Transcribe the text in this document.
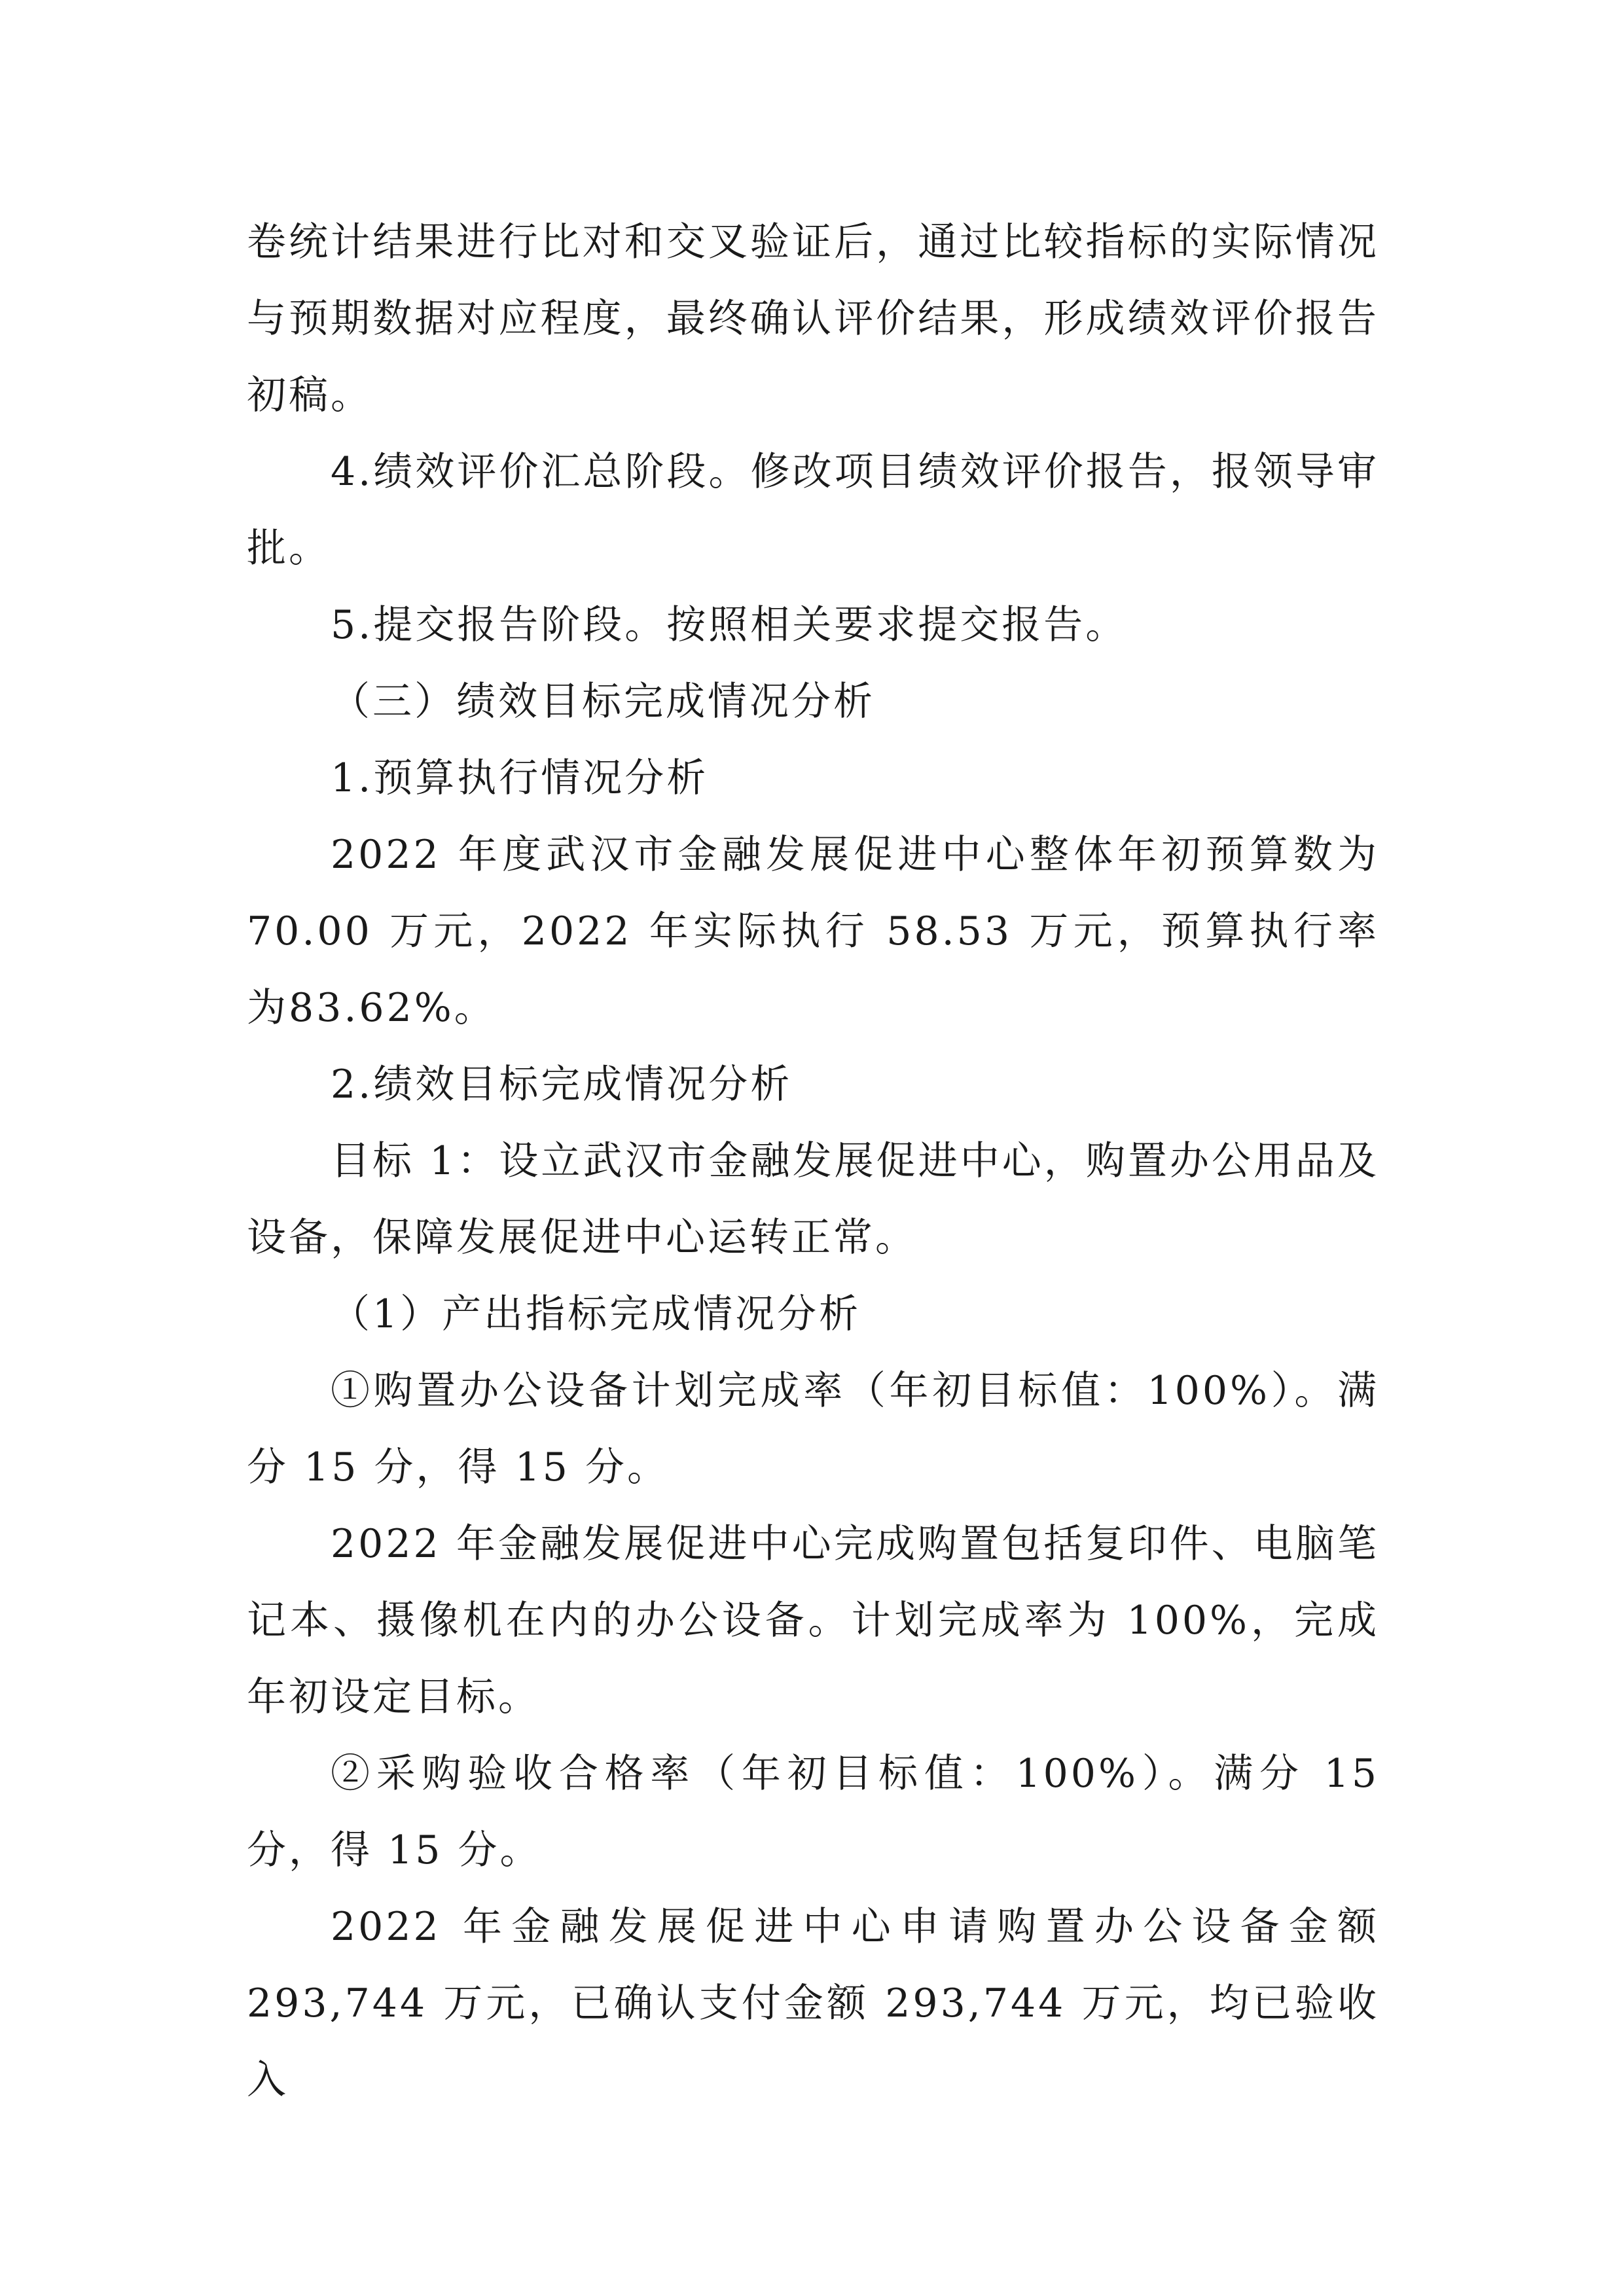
卷统计结果进行比对和交叉验证后，通过比较指标的实际情况与预期数据对应程度，最终确认评价结果，形成绩效评价报告初稿。

4.绩效评价汇总阶段。修改项目绩效评价报告，报领导审批。

5.提交报告阶段。按照相关要求提交报告。

（三）绩效目标完成情况分析

1.预算执行情况分析

2022 年度武汉市金融发展促进中心整体年初预算数为70.00 万元，2022 年实际执行 58.53 万元，预算执行率为83.62%。

2.绩效目标完成情况分析

目标 1：设立武汉市金融发展促进中心，购置办公用品及设备，保障发展促进中心运转正常。

（1）产出指标完成情况分析

①购置办公设备计划完成率（年初目标值：100%）。满分 15 分，得 15 分。

2022 年金融发展促进中心完成购置包括复印件、电脑笔记本、摄像机在内的办公设备。计划完成率为 100%，完成年初设定目标。

②采购验收合格率（年初目标值：100%）。满分 15 分，得 15 分。

2022 年金融发展促进中心申请购置办公设备金额293,744 万元，已确认支付金额 293,744 万元，均已验收入
